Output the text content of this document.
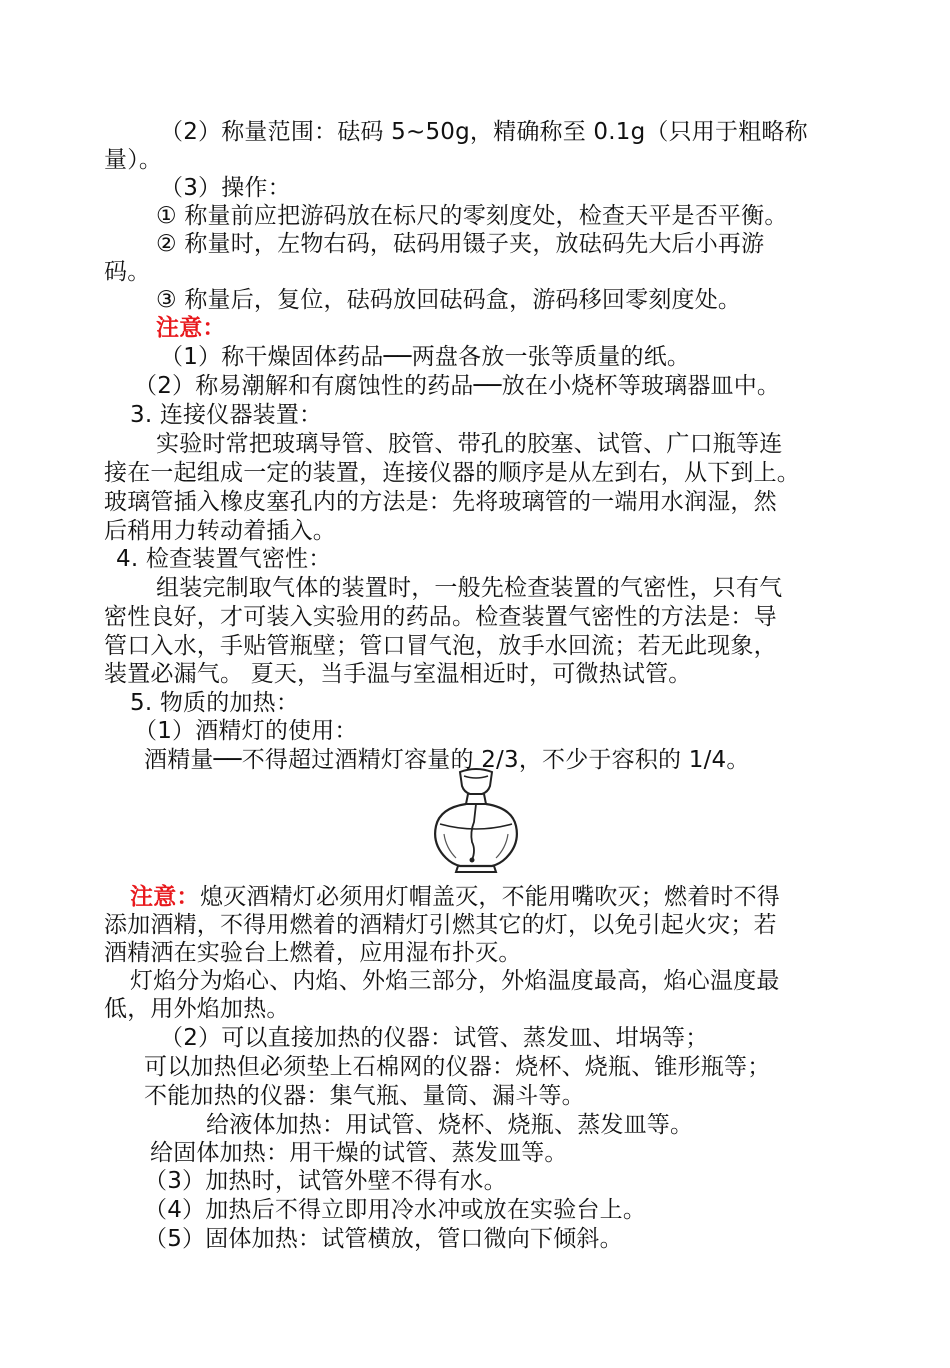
（2）称量范围：砝码 5~50g，精确称至 0.1g（只用于粗略称
量）。
（3）操作：
① 称量前应把游码放在标尺的零刻度处，检查天平是否平衡。
② 称量时，左物右码，砝码用镊子夹，放砝码先大后小再游
码。
③ 称量后，复位，砝码放回砝码盒，游码移回零刻度处。
注意：
（1）称干燥固体药品──两盘各放一张等质量的纸。
（2）称易潮解和有腐蚀性的药品──放在小烧杯等玻璃器皿中。
3. 连接仪器装置：
实验时常把玻璃导管、胶管、带孔的胶塞、试管、广口瓶等连
接在一起组成一定的装置，连接仪器的顺序是从左到右，从下到上。
玻璃管插入橡皮塞孔内的方法是：先将玻璃管的一端用水润湿，然
后稍用力转动着插入。
4. 检查装置气密性：
组装完制取气体的装置时，一般先检查装置的气密性，只有气
密性良好，才可装入实验用的药品。检查装置气密性的方法是：导
管口入水，手贴管瓶壁；管口冒气泡，放手水回流；若无此现象，
装置必漏气。 夏天，当手温与室温相近时，可微热试管。
5. 物质的加热：
（1）酒精灯的使用：
酒精量──不得超过酒精灯容量的 2/3，不少于容积的 1/4。
注意： 熄灭酒精灯必须用灯帽盖灭，不能用嘴吹灭；燃着时不得
添加酒精，不得用燃着的酒精灯引燃其它的灯，以免引起火灾；若
酒精洒在实验台上燃着，应用湿布扑灭。
灯焰分为焰心、内焰、外焰三部分，外焰温度最高，焰心温度最
低，用外焰加热。
（2）可以直接加热的仪器：试管、蒸发皿、坩埚等；
可以加热但必须垫上石棉网的仪器：烧杯、烧瓶、锥形瓶等；
不能加热的仪器：集气瓶、量筒、漏斗等。
给液体加热：用试管、烧杯、烧瓶、蒸发皿等。
给固体加热：用干燥的试管、蒸发皿等。
（3）加热时，试管外壁不得有水。
（4）加热后不得立即用冷水冲或放在实验台上。
（5）固体加热：试管横放，管口微向下倾斜。
